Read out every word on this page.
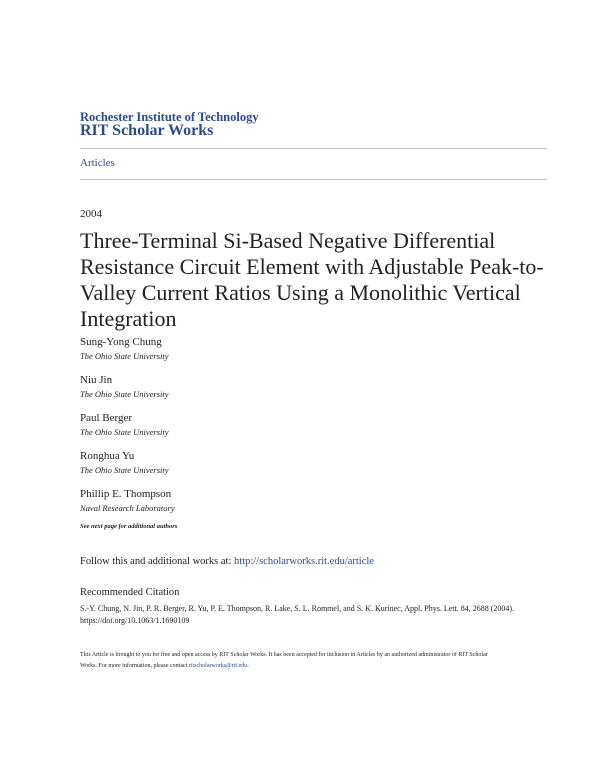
Rochester Institute of Technology
RIT Scholar Works
Articles
2004
Three-Terminal Si-Based Negative Differential Resistance Circuit Element with Adjustable Peak-to-Valley Current Ratios Using a Monolithic Vertical Integration
Sung-Yong Chung
The Ohio State University
Niu Jin
The Ohio State University
Paul Berger
The Ohio State University
Ronghua Yu
The Ohio State University
Phillip E. Thompson
Naval Research Laboratory
See next page for additional authors
Follow this and additional works at: http://scholarworks.rit.edu/article
Recommended Citation
S.-Y. Chung, N. Jin, P. R. Berger, R. Yu, P. E. Thompson, R. Lake, S. L. Rommel, and S. K. Kurinec, Appl. Phys. Lett. 84, 2688 (2004). https://doi.org/10.1063/1.1690109
This Article is brought to you for free and open access by RIT Scholar Works. It has been accepted for inclusion in Articles by an authorized administrator of RIT Scholar Works. For more information, please contact ritscholarworks@rit.edu.
